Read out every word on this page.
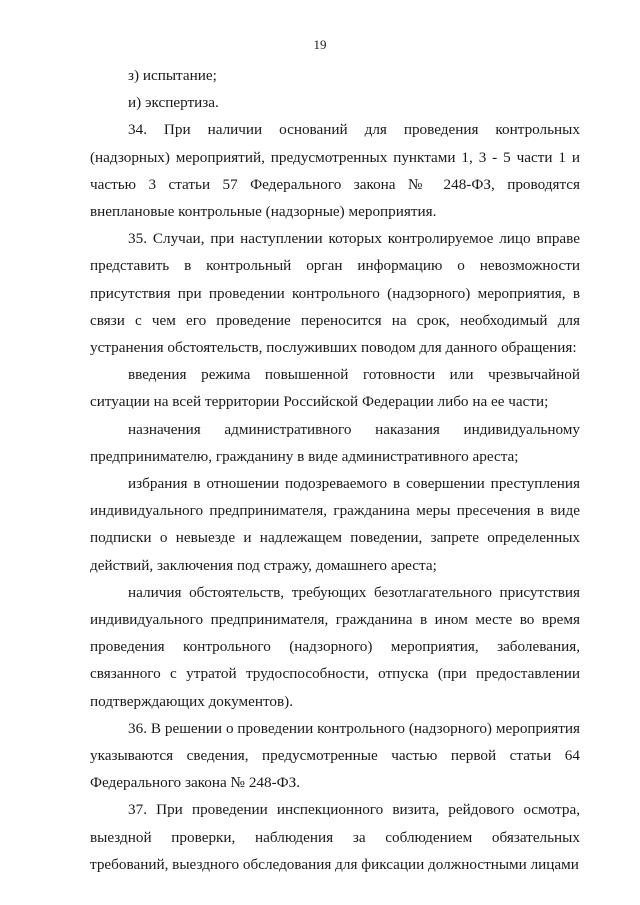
19

з) испытание;

и) экспертиза.

34. При наличии оснований для проведения контрольных (надзорных) мероприятий, предусмотренных пунктами 1, 3 - 5 части 1 и частью 3 статьи 57 Федерального закона № 248-ФЗ, проводятся внеплановые контрольные (надзорные) мероприятия.

35. Случаи, при наступлении которых контролируемое лицо вправе представить в контрольный орган информацию о невозможности присутствия при проведении контрольного (надзорного) мероприятия, в связи с чем его проведение переносится на срок, необходимый для устранения обстоятельств, послуживших поводом для данного обращения:

введения режима повышенной готовности или чрезвычайной ситуации на всей территории Российской Федерации либо на ее части;

назначения административного наказания индивидуальному предпринимателю, гражданину в виде административного ареста;

избрания в отношении подозреваемого в совершении преступления индивидуального предпринимателя, гражданина меры пресечения в виде подписки о невыезде и надлежащем поведении, запрете определенных действий, заключения под стражу, домашнего ареста;

наличия обстоятельств, требующих безотлагательного присутствия индивидуального предпринимателя, гражданина в ином месте во время проведения контрольного (надзорного) мероприятия, заболевания, связанного с утратой трудоспособности, отпуска (при предоставлении подтверждающих документов).

36. В решении о проведении контрольного (надзорного) мероприятия указываются сведения, предусмотренные частью первой статьи 64 Федерального закона № 248-ФЗ.

37. При проведении инспекционного визита, рейдового осмотра, выездной проверки, наблюдения за соблюдением обязательных требований, выездного обследования для фиксации должностными лицами
